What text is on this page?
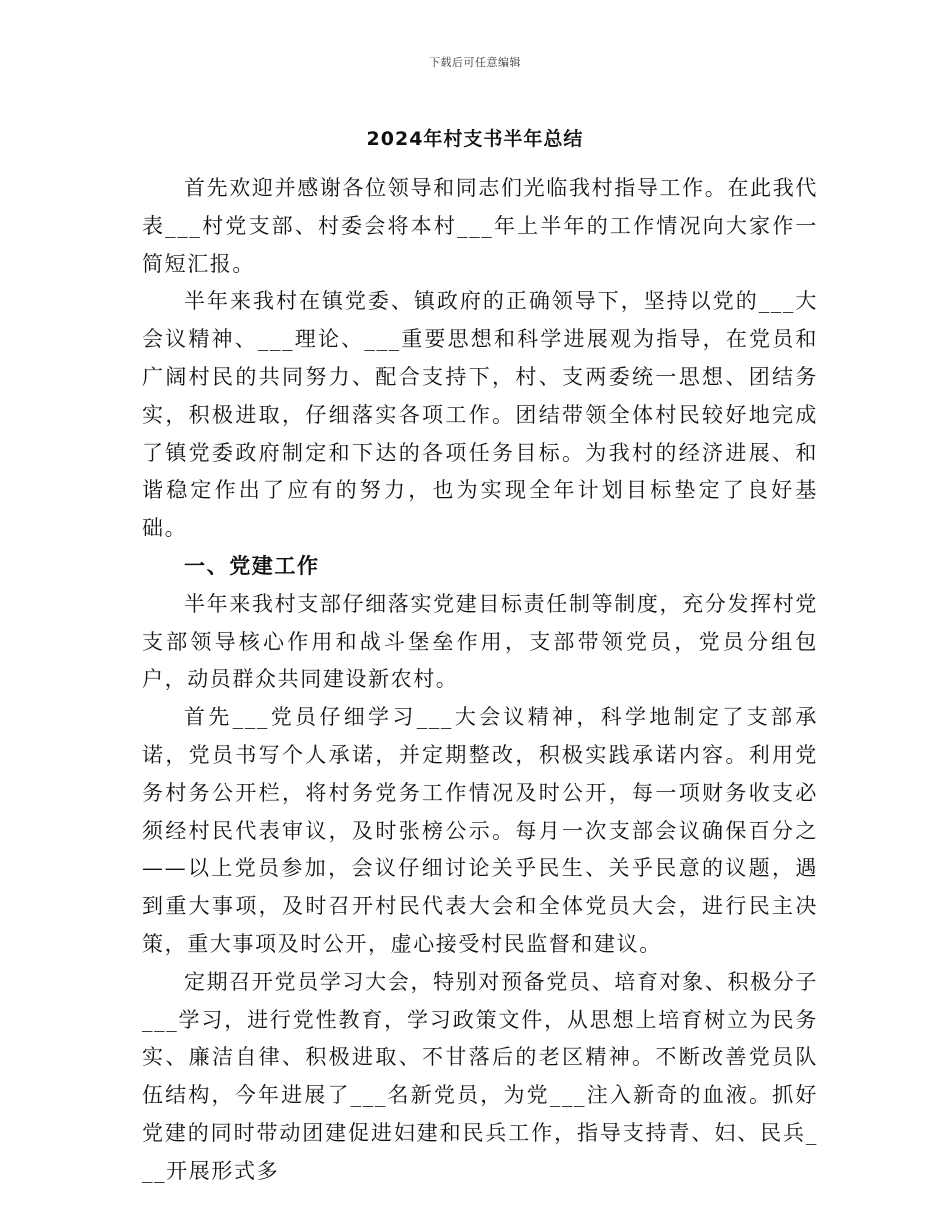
下载后可任意编辑
2024年村支书半年总结

首先欢迎并感谢各位领导和同志们光临我村指导工作。在此我代表___村党支部、村委会将本村___年上半年的工作情况向大家作一简短汇报。

半年来我村在镇党委、镇政府的正确领导下，坚持以党的___大会议精神、___理论、___重要思想和科学进展观为指导，在党员和广阔村民的共同努力、配合支持下，村、支两委统一思想、团结务实，积极进取，仔细落实各项工作。团结带领全体村民较好地完成了镇党委政府制定和下达的各项任务目标。为我村的经济进展、和谐稳定作出了应有的努力，也为实现全年计划目标垫定了良好基础。

一、党建工作

半年来我村支部仔细落实党建目标责任制等制度，充分发挥村党支部领导核心作用和战斗堡垒作用，支部带领党员，党员分组包户，动员群众共同建设新农村。

首先___党员仔细学习___大会议精神，科学地制定了支部承诺，党员书写个人承诺，并定期整改，积极实践承诺内容。利用党务村务公开栏，将村务党务工作情况及时公开，每一项财务收支必须经村民代表审议，及时张榜公示。每月一次支部会议确保百分之——以上党员参加，会议仔细讨论关乎民生、关乎民意的议题，遇到重大事项，及时召开村民代表大会和全体党员大会，进行民主决策，重大事项及时公开，虚心接受村民监督和建议。

定期召开党员学习大会，特别对预备党员、培育对象、积极分子___学习，进行党性教育，学习政策文件，从思想上培育树立为民务实、廉洁自律、积极进取、不甘落后的老区精神。不断改善党员队伍结构，今年进展了___名新党员，为党___注入新奇的血液。抓好党建的同时带动团建促进妇建和民兵工作，指导支持青、妇、民兵___开展形式多
